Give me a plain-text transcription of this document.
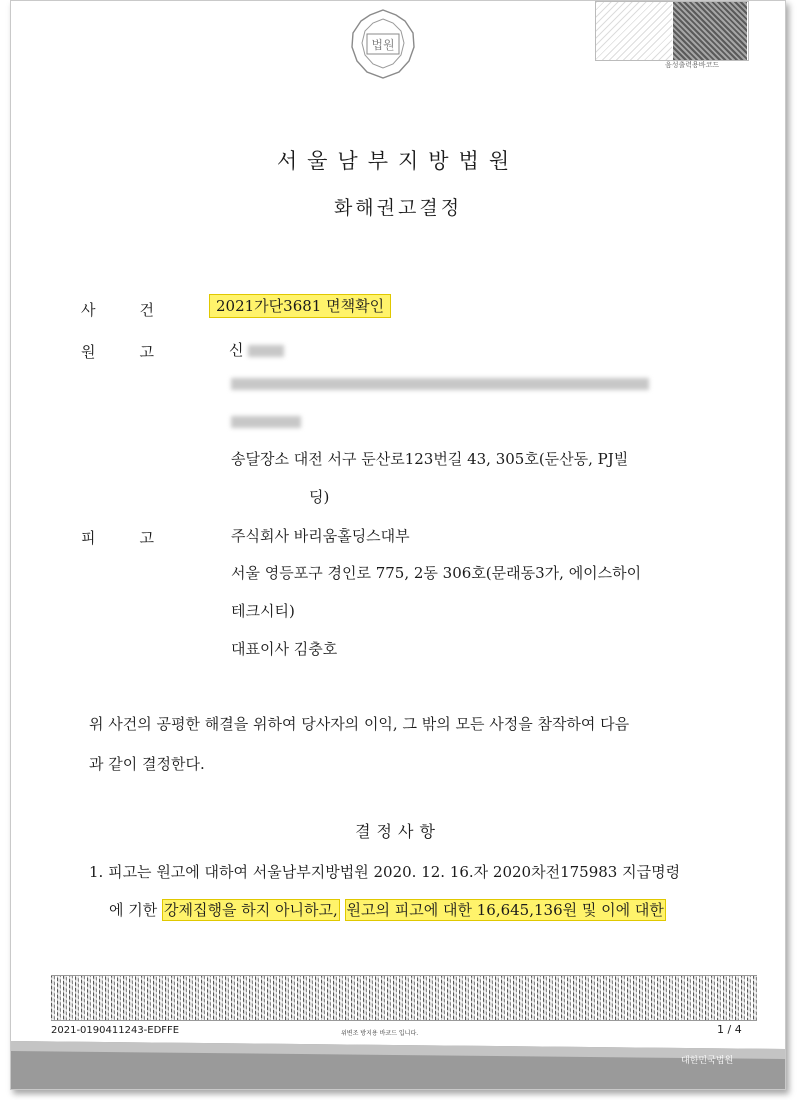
법원
음성출력용바코드
서울남부지방법원
화해권고결정
사건	2021가단3681 면책확인
원고 신
송달장소 대전 서구 둔산로123번길 43, 305호(둔산동, PJ빌
딩)
피고 주식회사 바리움홀딩스대부
서울 영등포구 경인로 775, 2동 306호(문래동3가, 에이스하이
테크시티)
대표이사 김충호
위 사건의 공평한 해결을 위하여 당사자의 이익, 그 밖의 모든 사정을 참작하여 다음
과 같이 결정한다.
결정사항
1. 피고는 원고에 대하여 서울남부지방법원 2020. 12. 16.자 2020차전175983 지급명령
에 기한 강제집행을 하지 아니하고, 원고의 피고에 대한 16,645,136원 및 이에 대한
2021-0190411243-EDFFE	위변조 방지용 바코드 입니다.	1 / 4
대한민국법원
